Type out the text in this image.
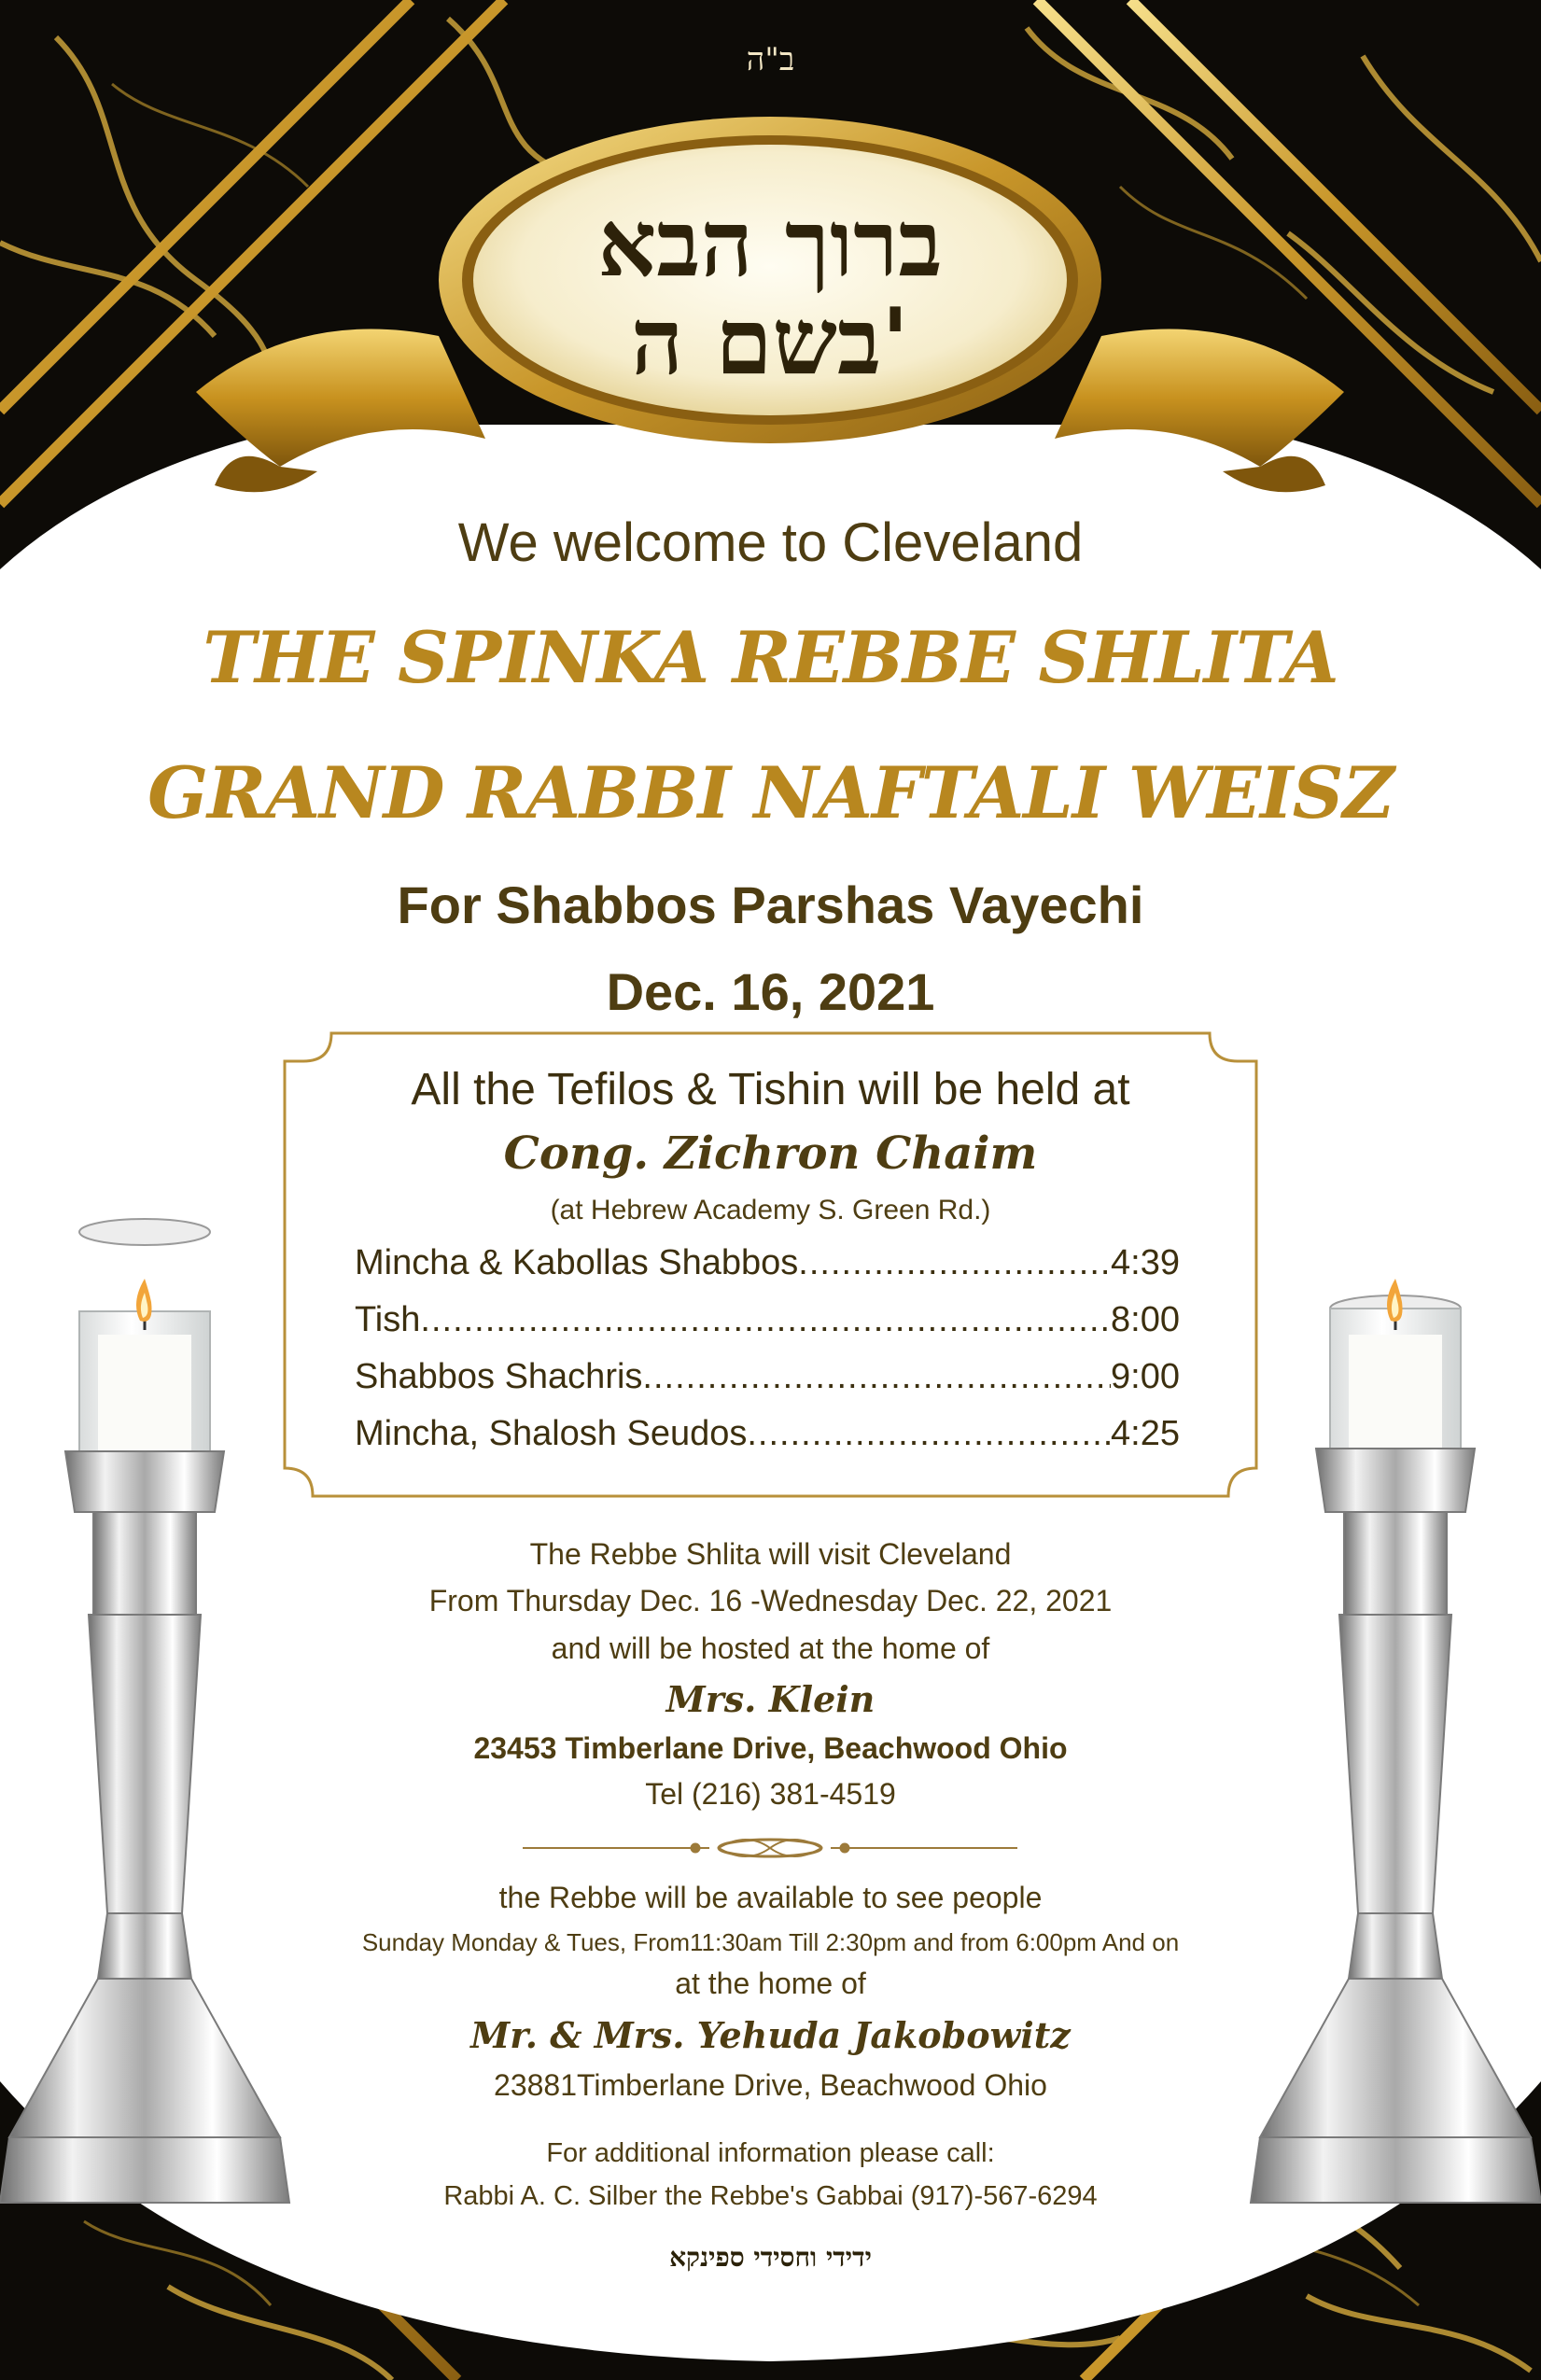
ברוך הבא
בשם ה'
ב"ה
We welcome to Cleveland
THE SPINKA REBBE SHLITA
GRAND RABBI NAFTALI WEISZ
For Shabbos Parshas Vayechi
Dec. 16, 2021
All the Tefilos & Tishin will be held at
Cong. Zichron Chaim
(at Hebrew Academy S. Green Rd.)
Mincha & Kabollas Shabbos .....	4:39
Tish .....	8:00
Shabbos Shachris .....	9:00
Mincha, Shalosh Seudos .....	4:25
The Rebbe Shlita will visit Cleveland
From Thursday Dec. 16 -Wednesday Dec. 22, 2021
and will be hosted at the home of
Mrs. Klein
23453 Timberlane Drive, Beachwood Ohio
Tel (216) 381-4519
the Rebbe will be available to see people
Sunday Monday & Tues, From11:30am Till 2:30pm and from 6:00pm And on
at the home of
Mr. & Mrs. Yehuda Jakobowitz
23881Timberlane Drive, Beachwood Ohio
For additional information please call:
Rabbi A. C. Silber the Rebbe's Gabbai (917)-567-6294
ידידי וחסידי ספינקא
